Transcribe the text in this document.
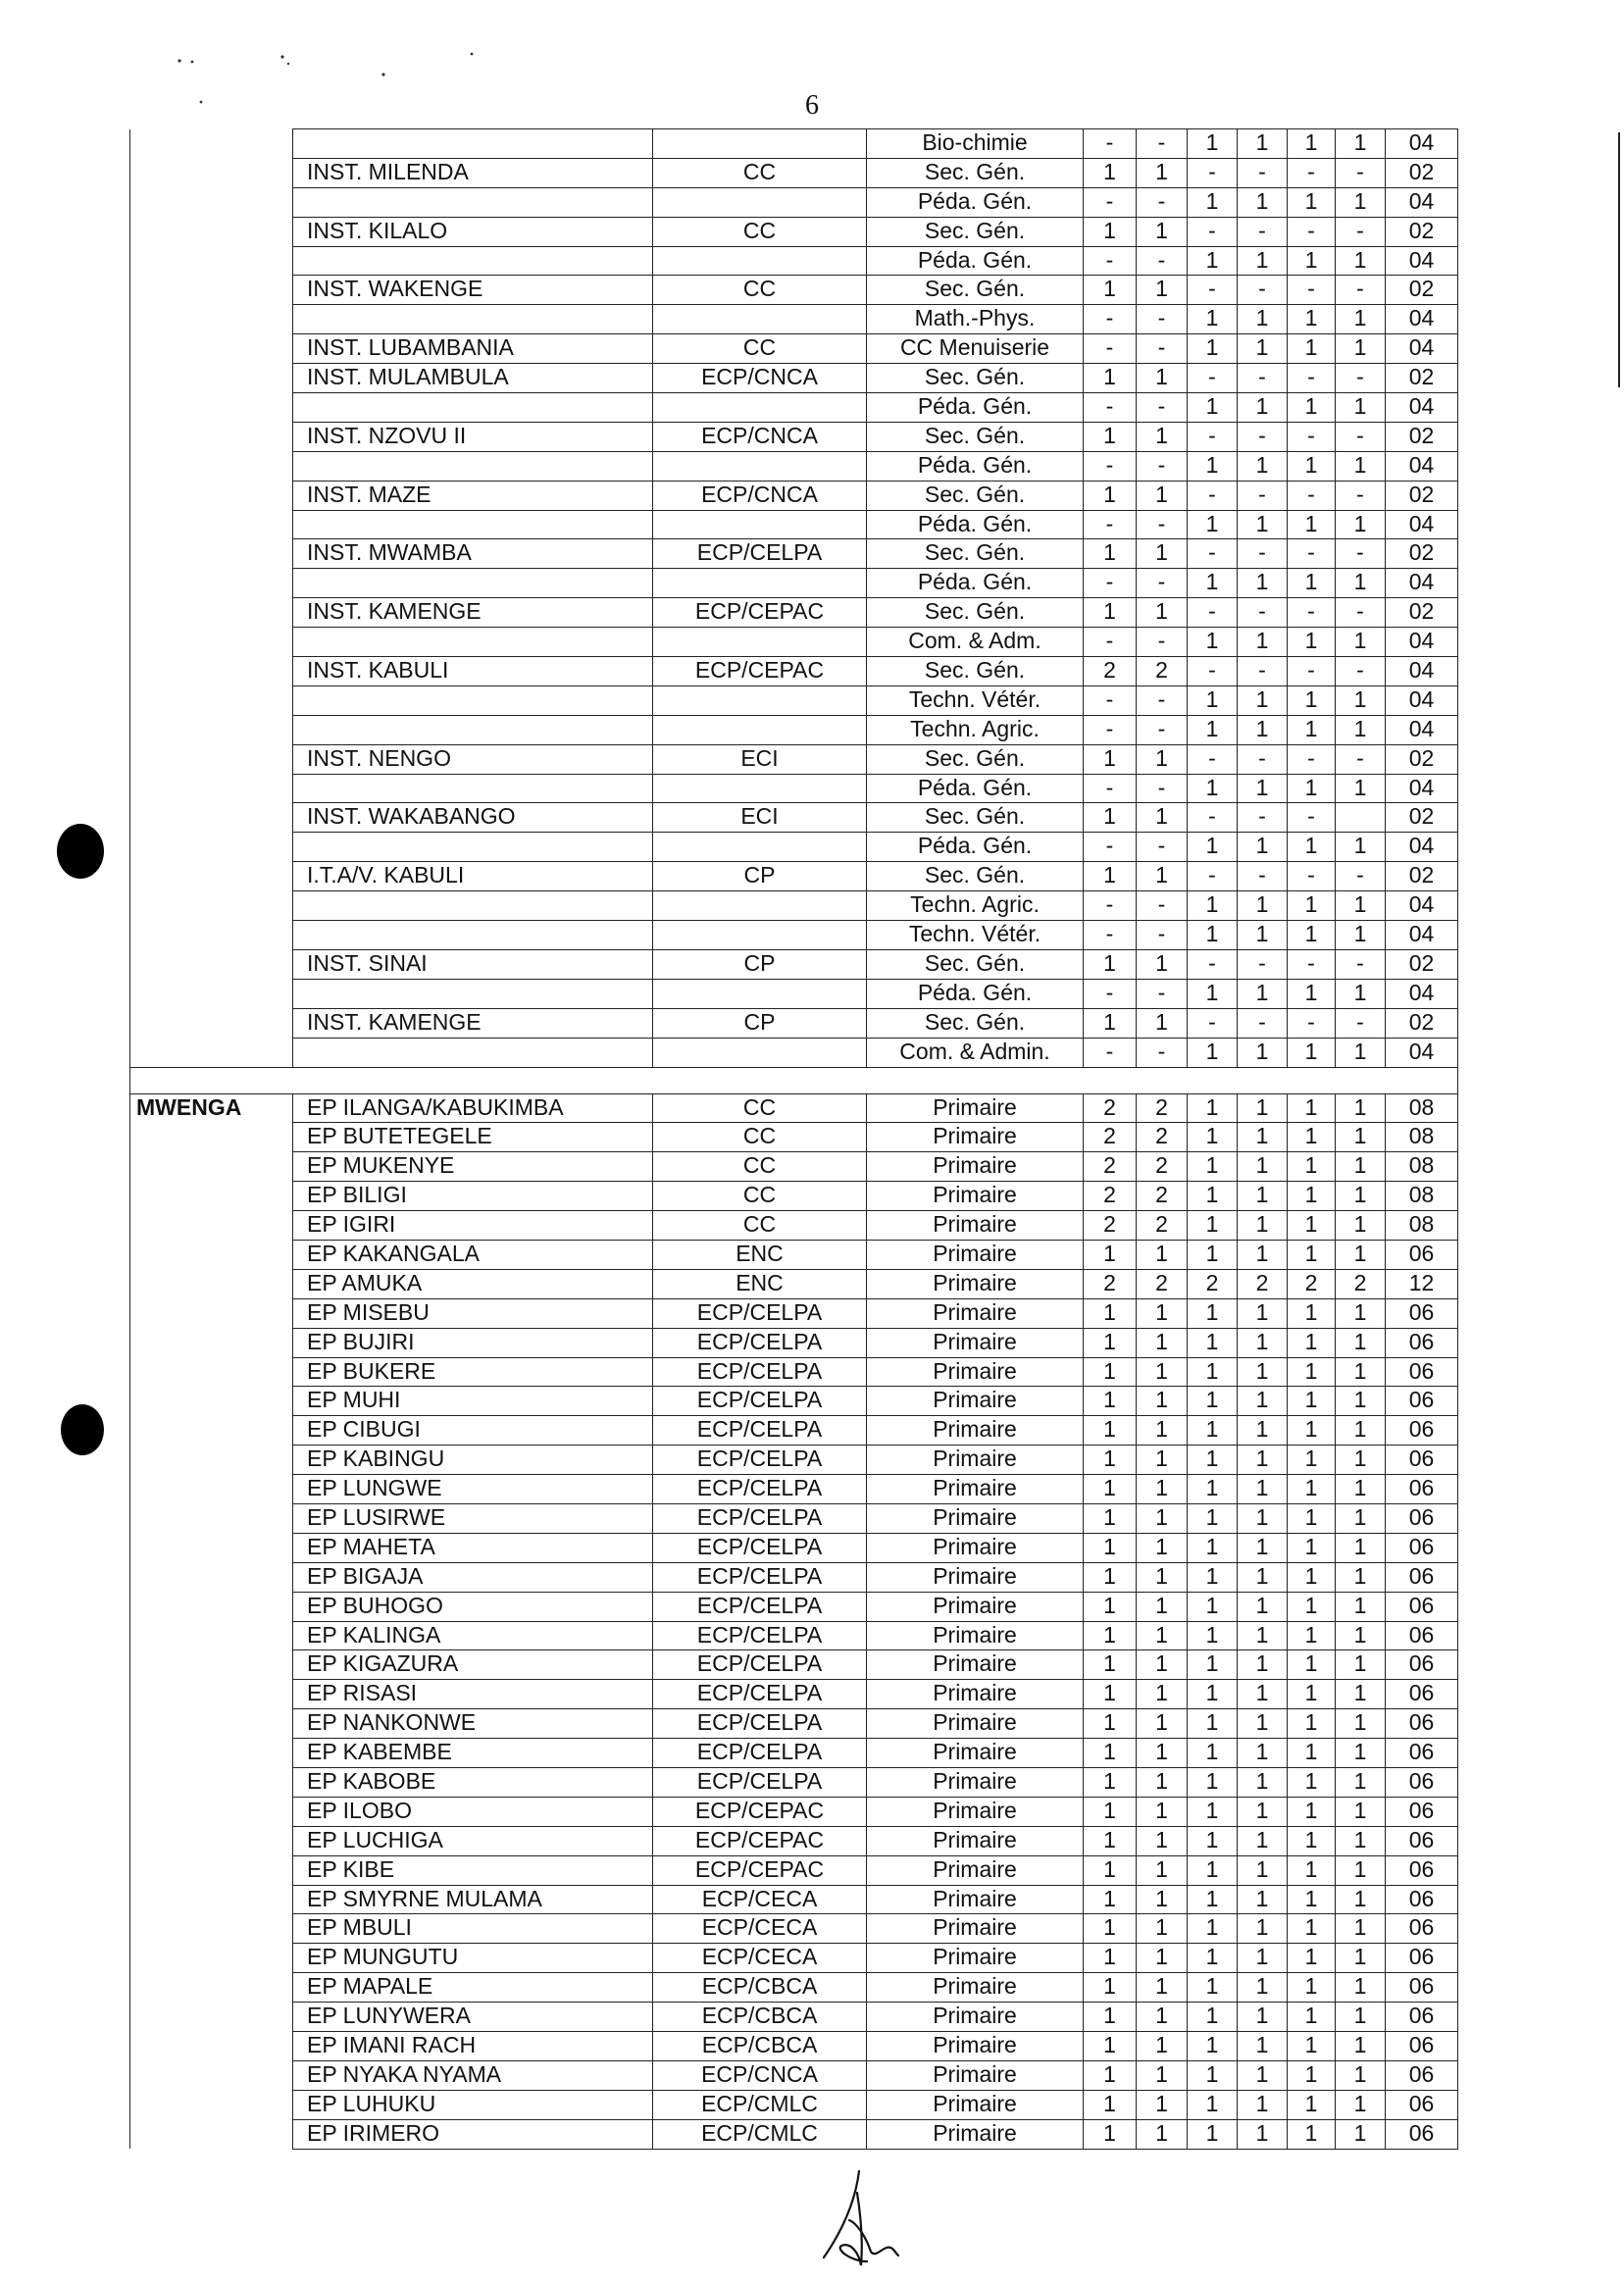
6
			Bio-chimie	-	-	1	1	1	1	04
	INST. MILENDA	CC	Sec. Gén.	1	1	-	-	-	-	02
			Péda. Gén.	-	-	1	1	1	1	04
	INST. KILALO	CC	Sec. Gén.	1	1	-	-	-	-	02
			Péda. Gén.	-	-	1	1	1	1	04
	INST. WAKENGE	CC	Sec. Gén.	1	1	-	-	-	-	02
			Math.-Phys.	-	-	1	1	1	1	04
	INST. LUBAMBANIA	CC	CC Menuiserie	-	-	1	1	1	1	04
	INST. MULAMBULA	ECP/CNCA	Sec. Gén.	1	1	-	-	-	-	02
			Péda. Gén.	-	-	1	1	1	1	04
	INST. NZOVU II	ECP/CNCA	Sec. Gén.	1	1	-	-	-	-	02
			Péda. Gén.	-	-	1	1	1	1	04
	INST. MAZE	ECP/CNCA	Sec. Gén.	1	1	-	-	-	-	02
			Péda. Gén.	-	-	1	1	1	1	04
	INST. MWAMBA	ECP/CELPA	Sec. Gén.	1	1	-	-	-	-	02
			Péda. Gén.	-	-	1	1	1	1	04
	INST. KAMENGE	ECP/CEPAC	Sec. Gén.	1	1	-	-	-	-	02
			Com. & Adm.	-	-	1	1	1	1	04
	INST. KABULI	ECP/CEPAC	Sec. Gén.	2	2	-	-	-	-	04
			Techn. Vétér.	-	-	1	1	1	1	04
			Techn. Agric.	-	-	1	1	1	1	04
	INST. NENGO	ECI	Sec. Gén.	1	1	-	-	-	-	02
			Péda. Gén.	-	-	1	1	1	1	04
	INST. WAKABANGO	ECI	Sec. Gén.	1	1	-	-	-		02
			Péda. Gén.	-	-	1	1	1	1	04
	I.T.A/V. KABULI	CP	Sec. Gén.	1	1	-	-	-	-	02
			Techn. Agric.	-	-	1	1	1	1	04
			Techn. Vétér.	-	-	1	1	1	1	04
	INST. SINAI	CP	Sec. Gén.	1	1	-	-	-	-	02
			Péda. Gén.	-	-	1	1	1	1	04
	INST. KAMENGE	CP	Sec. Gén.	1	1	-	-	-	-	02
			Com. & Admin.	-	-	1	1	1	1	04

MWENGA	EP ILANGA/KABUKIMBA	CC	Primaire	2	2	1	1	1	1	08
	EP BUTETEGELE	CC	Primaire	2	2	1	1	1	1	08
	EP MUKENYE	CC	Primaire	2	2	1	1	1	1	08
	EP BILIGI	CC	Primaire	2	2	1	1	1	1	08
	EP IGIRI	CC	Primaire	2	2	1	1	1	1	08
	EP KAKANGALA	ENC	Primaire	1	1	1	1	1	1	06
	EP AMUKA	ENC	Primaire	2	2	2	2	2	2	12
	EP MISEBU	ECP/CELPA	Primaire	1	1	1	1	1	1	06
	EP BUJIRI	ECP/CELPA	Primaire	1	1	1	1	1	1	06
	EP BUKERE	ECP/CELPA	Primaire	1	1	1	1	1	1	06
	EP MUHI	ECP/CELPA	Primaire	1	1	1	1	1	1	06
	EP CIBUGI	ECP/CELPA	Primaire	1	1	1	1	1	1	06
	EP KABINGU	ECP/CELPA	Primaire	1	1	1	1	1	1	06
	EP LUNGWE	ECP/CELPA	Primaire	1	1	1	1	1	1	06
	EP LUSIRWE	ECP/CELPA	Primaire	1	1	1	1	1	1	06
	EP MAHETA	ECP/CELPA	Primaire	1	1	1	1	1	1	06
	EP BIGAJA	ECP/CELPA	Primaire	1	1	1	1	1	1	06
	EP BUHOGO	ECP/CELPA	Primaire	1	1	1	1	1	1	06
	EP KALINGA	ECP/CELPA	Primaire	1	1	1	1	1	1	06
	EP KIGAZURA	ECP/CELPA	Primaire	1	1	1	1	1	1	06
	EP RISASI	ECP/CELPA	Primaire	1	1	1	1	1	1	06
	EP NANKONWE	ECP/CELPA	Primaire	1	1	1	1	1	1	06
	EP KABEMBE	ECP/CELPA	Primaire	1	1	1	1	1	1	06
	EP KABOBE	ECP/CELPA	Primaire	1	1	1	1	1	1	06
	EP ILOBO	ECP/CEPAC	Primaire	1	1	1	1	1	1	06
	EP LUCHIGA	ECP/CEPAC	Primaire	1	1	1	1	1	1	06
	EP KIBE	ECP/CEPAC	Primaire	1	1	1	1	1	1	06
	EP SMYRNE MULAMA	ECP/CECA	Primaire	1	1	1	1	1	1	06
	EP MBULI	ECP/CECA	Primaire	1	1	1	1	1	1	06
	EP MUNGUTU	ECP/CECA	Primaire	1	1	1	1	1	1	06
	EP MAPALE	ECP/CBCA	Primaire	1	1	1	1	1	1	06
	EP LUNYWERA	ECP/CBCA	Primaire	1	1	1	1	1	1	06
	EP IMANI RACH	ECP/CBCA	Primaire	1	1	1	1	1	1	06
	EP NYAKA NYAMA	ECP/CNCA	Primaire	1	1	1	1	1	1	06
	EP LUHUKU	ECP/CMLC	Primaire	1	1	1	1	1	1	06
	EP IRIMERO	ECP/CMLC	Primaire	1	1	1	1	1	1	06
